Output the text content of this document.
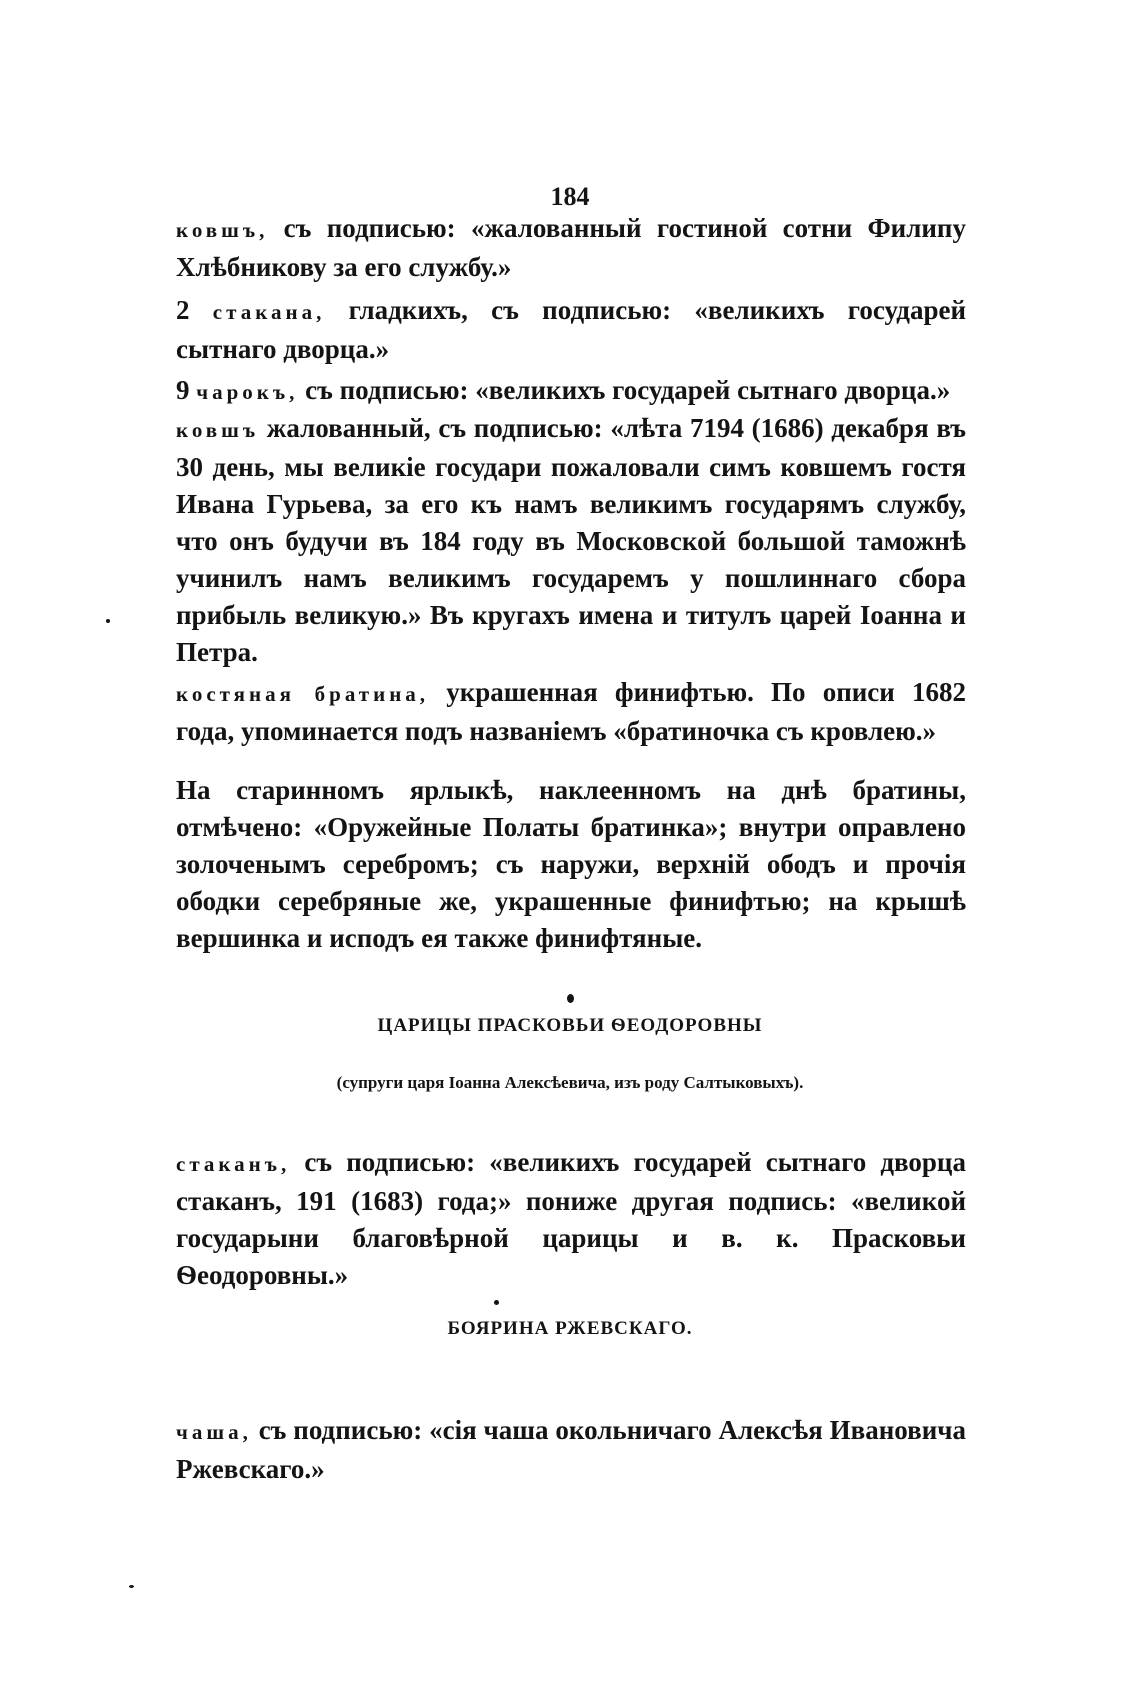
184

ковшъ, съ подписью: «жалованный гостиной сотни Филипу Хлѣбникову за его службу.»

2 стакана, гладкихъ, съ подписью: «великихъ государей сытнаго дворца.»

9 чарокъ, съ подписью: «великихъ государей сытнаго дворца.»

ковшъ жалованный, съ подписью: «лѣта 7194 (1686) декабря въ 30 день, мы великіе государи пожаловали симъ ковшемъ гостя Ивана Гурьева, за его къ намъ великимъ государямъ службу, что онъ будучи въ 184 году въ Московской большой таможнѣ учинилъ намъ великимъ государемъ у пошлиннаго сбора прибыль великую.» Въ кругахъ имена и титулъ царей Іоанна и Петра.

костяная братина, украшенная финифтью. По описи 1682 года, упоминается подъ названіемъ «братиночка съ кровлею.»

На старинномъ ярлыкѣ, наклеенномъ на днѣ братины, отмѣчено: «Оружейные Полаты братинка»; внутри оправлено золоченымъ серебромъ; съ наружи, верхній ободъ и прочія ободки серебряные же, украшенные финифтью; на крышѣ вершинка и исподъ ея также финифтяные.

ЦАРИЦЫ ПРАСКОВЬИ ѲЕОДОРОВНЫ
(супруги царя Іоанна Алексѣевича, изъ роду Салтыковыхъ).

стаканъ, съ подписью: «великихъ государей сытнаго дворца стаканъ, 191 (1683) года;» пониже другая подпись: «великой государыни благовѣрной царицы и в. к. Прасковьи Ѳеодоровны.»

БОЯРИНА РЖЕВСКАГО.

чаша, съ подписью: «сія чаша окольничаго Алексѣя Ивановича Ржевскаго.»
